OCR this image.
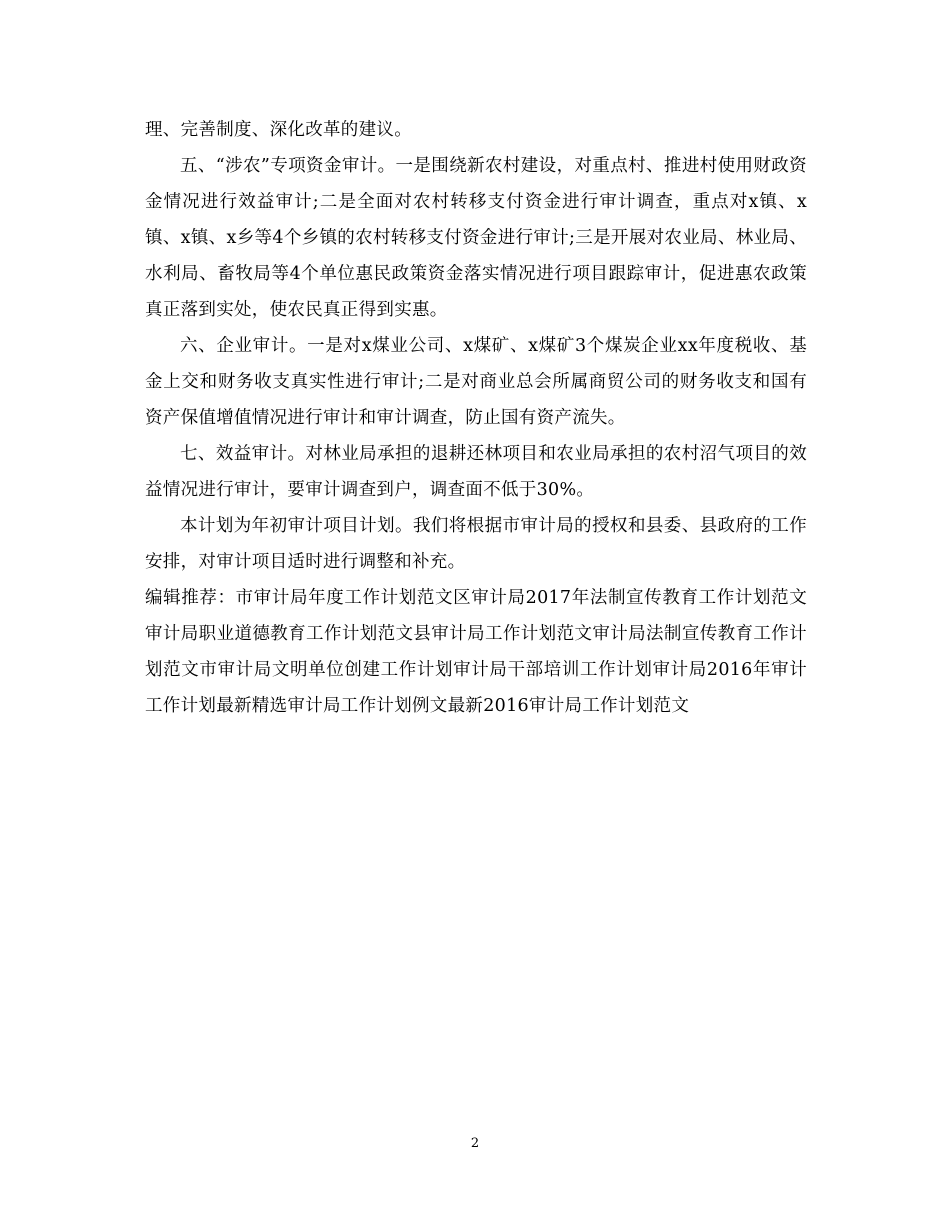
理、完善制度、深化改革的建议。

五、“涉农”专项资金审计。一是围绕新农村建设，对重点村、推进村使用财政资金情况进行效益审计;二是全面对农村转移支付资金进行审计调查，重点对x镇、x镇、x镇、x乡等4个乡镇的农村转移支付资金进行审计;三是开展对农业局、林业局、水利局、畜牧局等4个单位惠民政策资金落实情况进行项目跟踪审计，促进惠农政策真正落到实处，使农民真正得到实惠。

六、企业审计。一是对x煤业公司、x煤矿、x煤矿3个煤炭企业xx年度税收、基金上交和财务收支真实性进行审计;二是对商业总会所属商贸公司的财务收支和国有资产保值增值情况进行审计和审计调查，防止国有资产流失。

七、效益审计。对林业局承担的退耕还林项目和农业局承担的农村沼气项目的效益情况进行审计，要审计调查到户，调查面不低于30%。

本计划为年初审计项目计划。我们将根据市审计局的授权和县委、县政府的工作安排，对审计项目适时进行调整和补充。

编辑推荐：市审计局年度工作计划范文区审计局2017年法制宣传教育工作计划范文审计局职业道德教育工作计划范文县审计局工作计划范文审计局法制宣传教育工作计划范文市审计局文明单位创建工作计划审计局干部培训工作计划审计局2016年审计工作计划最新精选审计局工作计划例文最新2016审计局工作计划范文

2
